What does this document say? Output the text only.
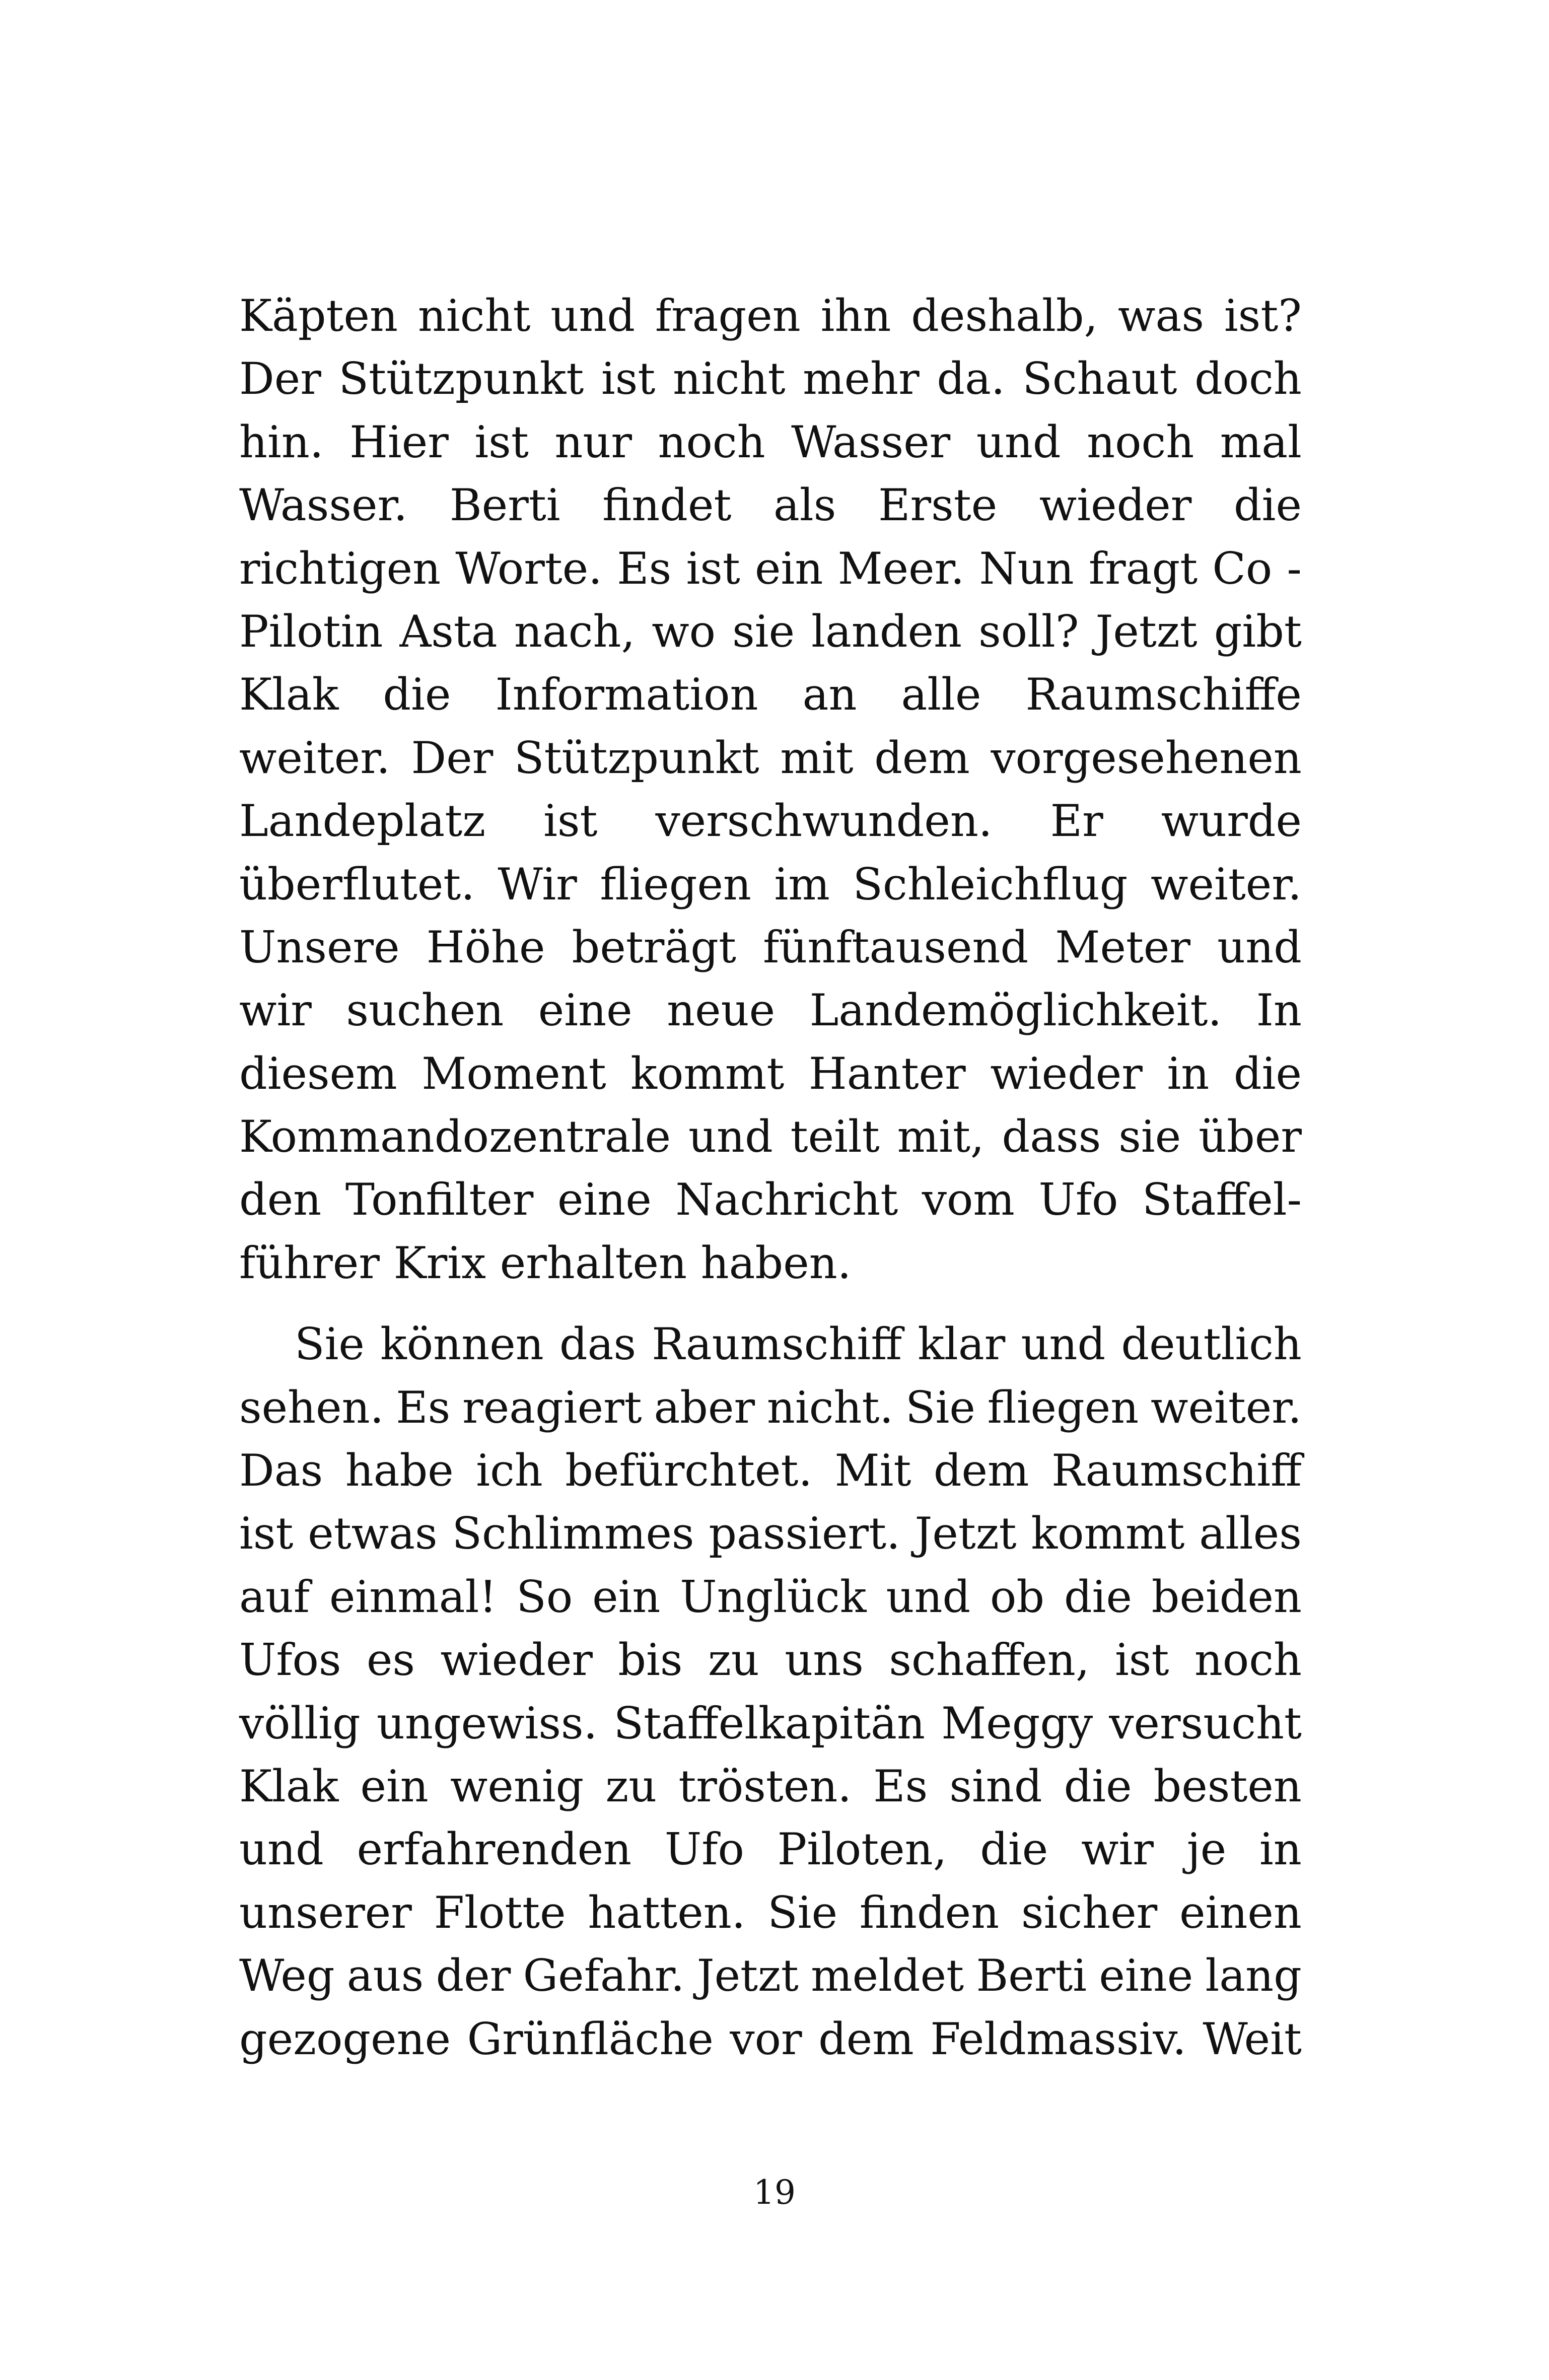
Käpten nicht und fragen ihn deshalb, was ist?
Der Stützpunkt ist nicht mehr da. Schaut doch
hin. Hier ist nur noch Wasser und noch mal
Wasser. Berti findet als Erste wieder die
richtigen Worte. Es ist ein Meer. Nun fragt Co -
Pilotin Asta nach, wo sie landen soll? Jetzt gibt
Klak die Information an alle Raumschiffe
weiter. Der Stützpunkt mit dem vorgesehenen
Landeplatz ist verschwunden. Er wurde
überflutet. Wir fliegen im Schleichflug weiter.
Unsere Höhe beträgt fünftausend Meter und
wir suchen eine neue Landemöglichkeit. In
diesem Moment kommt Hanter wieder in die
Kommandozentrale und teilt mit, dass sie über
den Tonfilter eine Nachricht vom Ufo Staffel-
führer Krix erhalten haben.
Sie können das Raumschiff klar und deutlich
sehen. Es reagiert aber nicht. Sie fliegen weiter.
Das habe ich befürchtet. Mit dem Raumschiff
ist etwas Schlimmes passiert. Jetzt kommt alles
auf einmal! So ein Unglück und ob die beiden
Ufos es wieder bis zu uns schaffen, ist noch
völlig ungewiss. Staffelkapitän Meggy versucht
Klak ein wenig zu trösten. Es sind die besten
und erfahrenden Ufo Piloten, die wir je in
unserer Flotte hatten. Sie finden sicher einen
Weg aus der Gefahr. Jetzt meldet Berti eine lang
gezogene Grünfläche vor dem Feldmassiv. Weit
19
